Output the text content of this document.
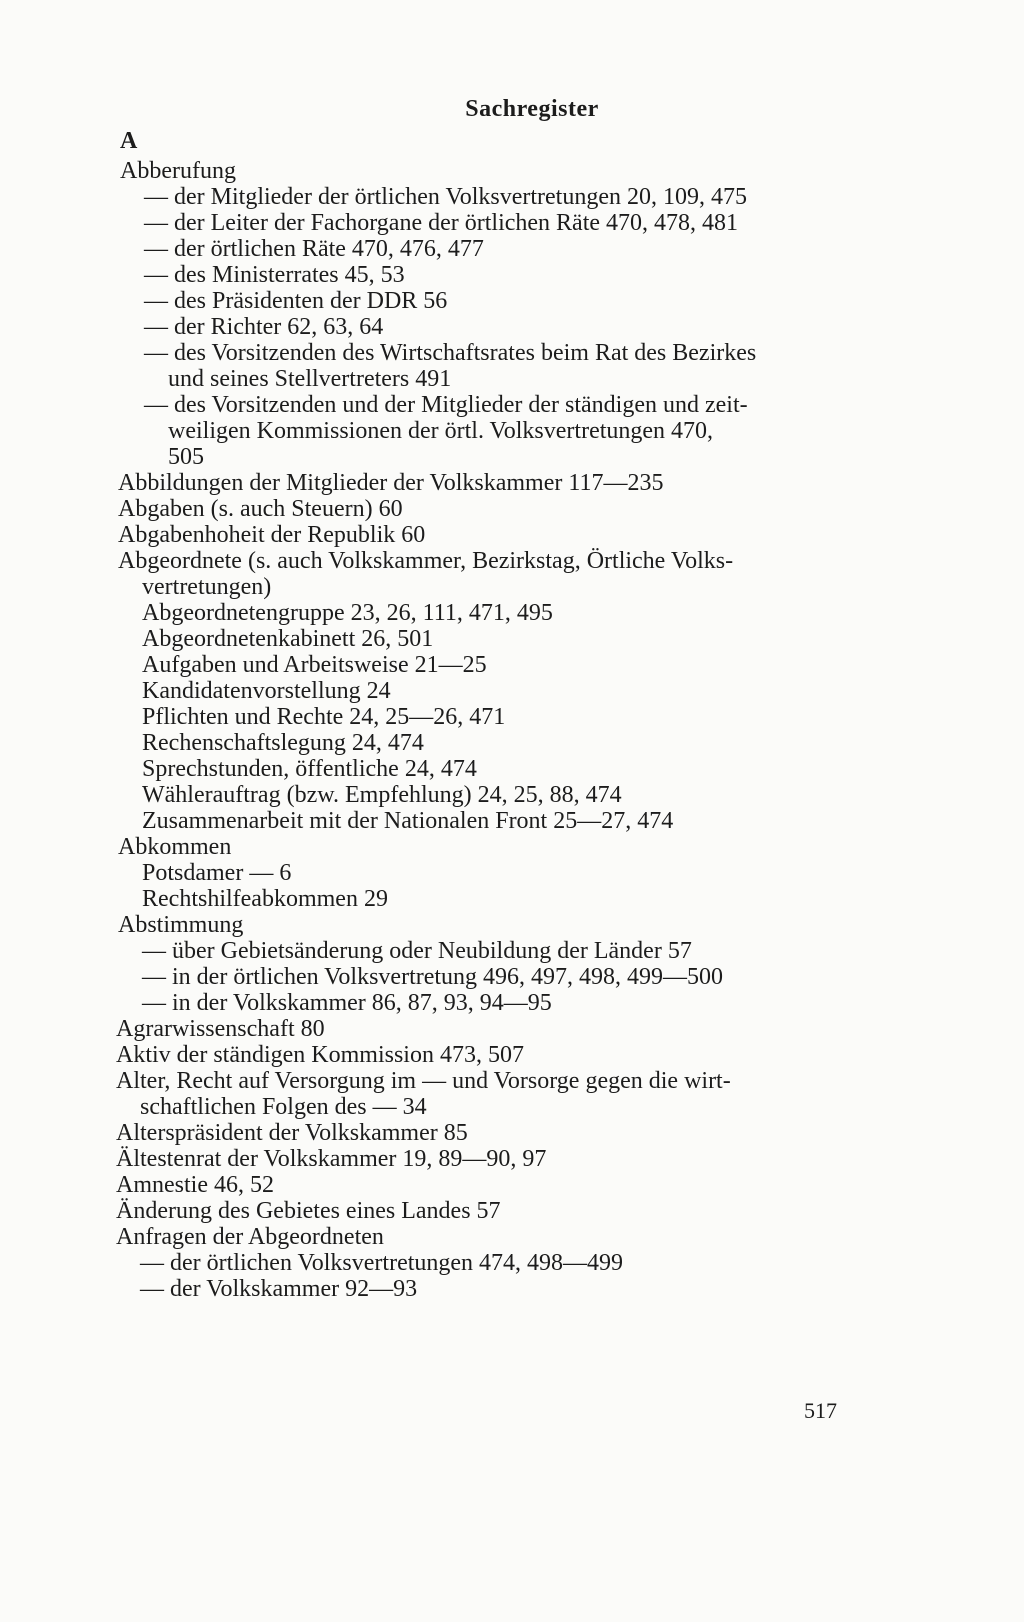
Sachregister
A
Abberufung
— der Mitglieder der örtlichen Volksvertretungen 20, 109, 475
— der Leiter der Fachorgane der örtlichen Räte 470, 478, 481
— der örtlichen Räte 470, 476, 477
— des Ministerrates 45, 53
— des Präsidenten der DDR 56
— der Richter 62, 63, 64
— des Vorsitzenden des Wirtschaftsrates beim Rat des Bezirkes
und seines Stellvertreters 491
— des Vorsitzenden und der Mitglieder der ständigen und zeit-
weiligen Kommissionen der örtl. Volksvertretungen 470,
505
Abbildungen der Mitglieder der Volkskammer 117—235
Abgaben (s. auch Steuern) 60
Abgabenhoheit der Republik 60
Abgeordnete (s. auch Volkskammer, Bezirkstag, Örtliche Volks-
vertretungen)
Abgeordnetengruppe 23, 26, 111, 471, 495
Abgeordnetenkabinett 26, 501
Aufgaben und Arbeitsweise 21—25
Kandidatenvorstellung 24
Pflichten und Rechte 24, 25—26, 471
Rechenschaftslegung 24, 474
Sprechstunden, öffentliche 24, 474
Wählerauftrag (bzw. Empfehlung) 24, 25, 88, 474
Zusammenarbeit mit der Nationalen Front 25—27, 474
Abkommen
Potsdamer — 6
Rechtshilfeabkommen 29
Abstimmung
— über Gebietsänderung oder Neubildung der Länder 57
— in der örtlichen Volksvertretung 496, 497, 498, 499—500
— in der Volkskammer 86, 87, 93, 94—95
Agrarwissenschaft 80
Aktiv der ständigen Kommission 473, 507
Alter, Recht auf Versorgung im — und Vorsorge gegen die wirt-
schaftlichen Folgen des — 34
Alterspräsident der Volkskammer 85
Ältestenrat der Volkskammer 19, 89—90, 97
Amnestie 46, 52
Änderung des Gebietes eines Landes 57
Anfragen der Abgeordneten
— der örtlichen Volksvertretungen 474, 498—499
— der Volkskammer 92—93
517
